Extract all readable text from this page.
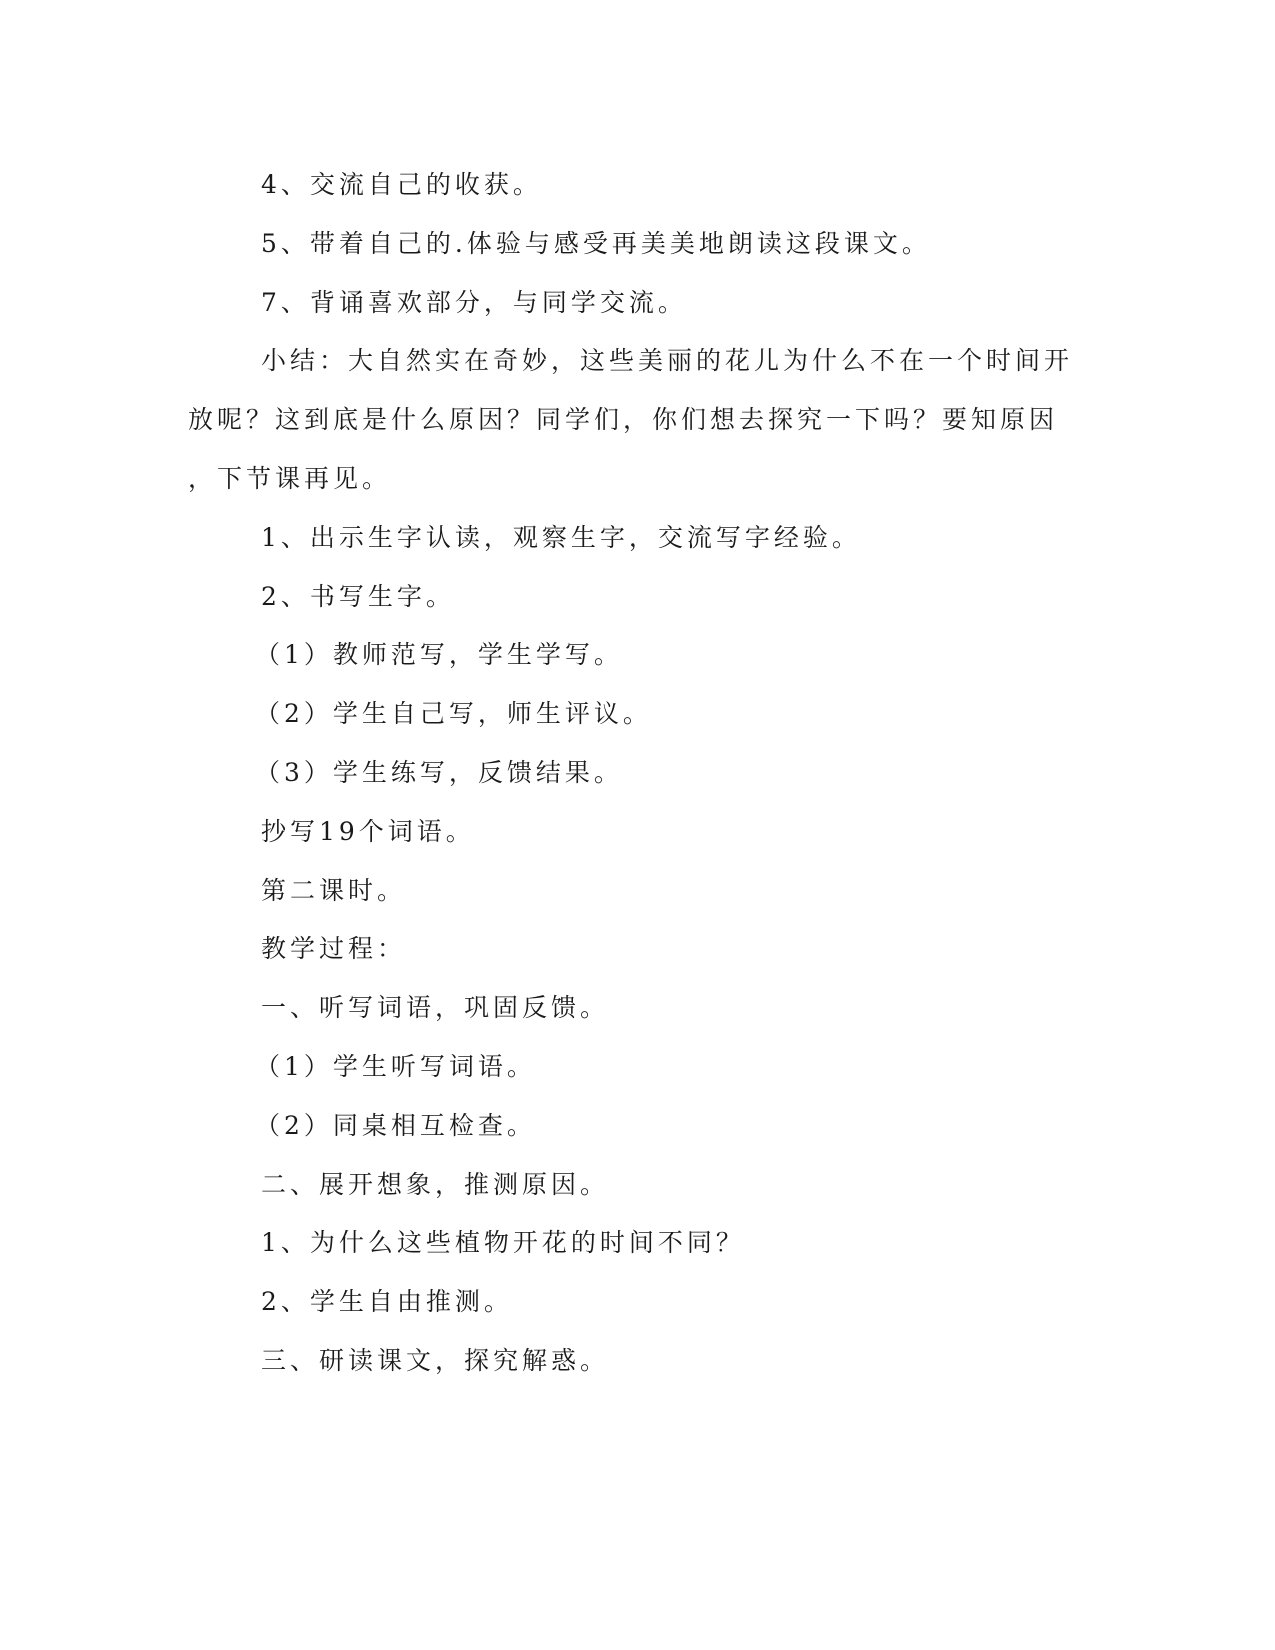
4、交流自己的收获。
5、带着自己的.体验与感受再美美地朗读这段课文。
7、背诵喜欢部分，与同学交流。
小结：大自然实在奇妙，这些美丽的花儿为什么不在一个时间开
放呢？这到底是什么原因？同学们，你们想去探究一下吗？要知原因
，下节课再见。
1、出示生字认读，观察生字，交流写字经验。
2、书写生字。
（1）教师范写，学生学写。
（2）学生自己写，师生评议。
（3）学生练写，反馈结果。
抄写19个词语。
第二课时。
教学过程：
一、听写词语，巩固反馈。
（1）学生听写词语。
（2）同桌相互检查。
二、展开想象，推测原因。
1、为什么这些植物开花的时间不同？
2、学生自由推测。
三、研读课文，探究解惑。
